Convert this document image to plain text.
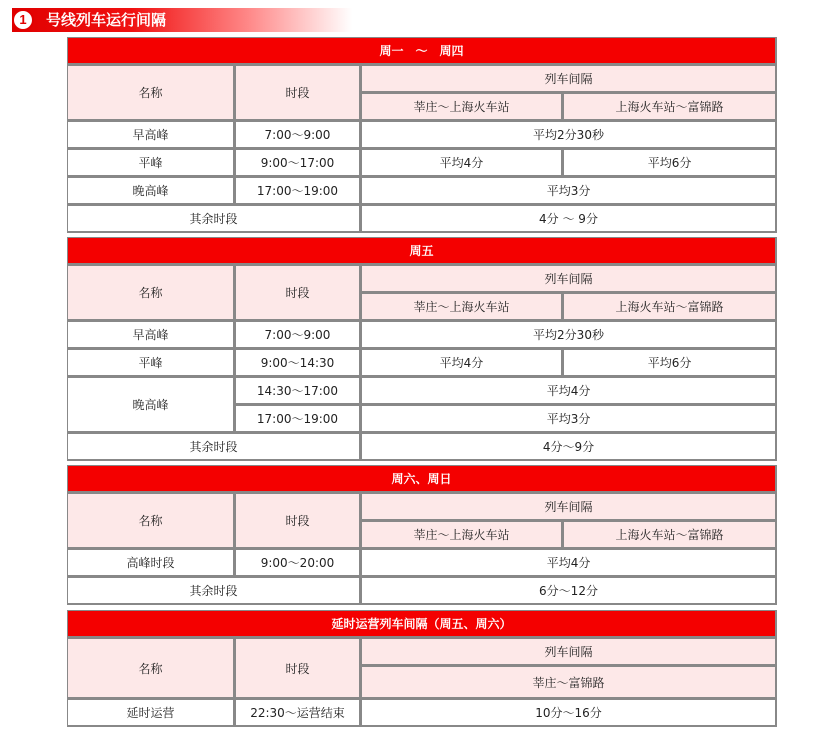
1	号线列车运行间隔
周一　～　周四			
名称	时段	列车间隔	
		莘庄～上海火车站	上海火车站～富锦路
早高峰	7:00～9:00	平均2分30秒	
平峰	9:00～17:00	平均4分	平均6分
晚高峰	17:00～19:00	平均3分	
其余时段		4分 ～ 9分	
周五			
名称	时段	列车间隔	
		莘庄～上海火车站	上海火车站～富锦路
早高峰	7:00～9:00	平均2分30秒	
平峰	9:00～14:30	平均4分	平均6分
晚高峰	14:30～17:00	平均4分	
	17:00～19:00	平均3分	
其余时段		4分～9分	
周六、周日			
名称	时段	列车间隔	
		莘庄～上海火车站	上海火车站～富锦路
高峰时段	9:00～20:00	平均4分	
其余时段		6分～12分	
延时运营列车间隔（周五、周六）		
名称	时段	列车间隔
		莘庄～富锦路
延时运营	22:30～运营结束	10分～16分
